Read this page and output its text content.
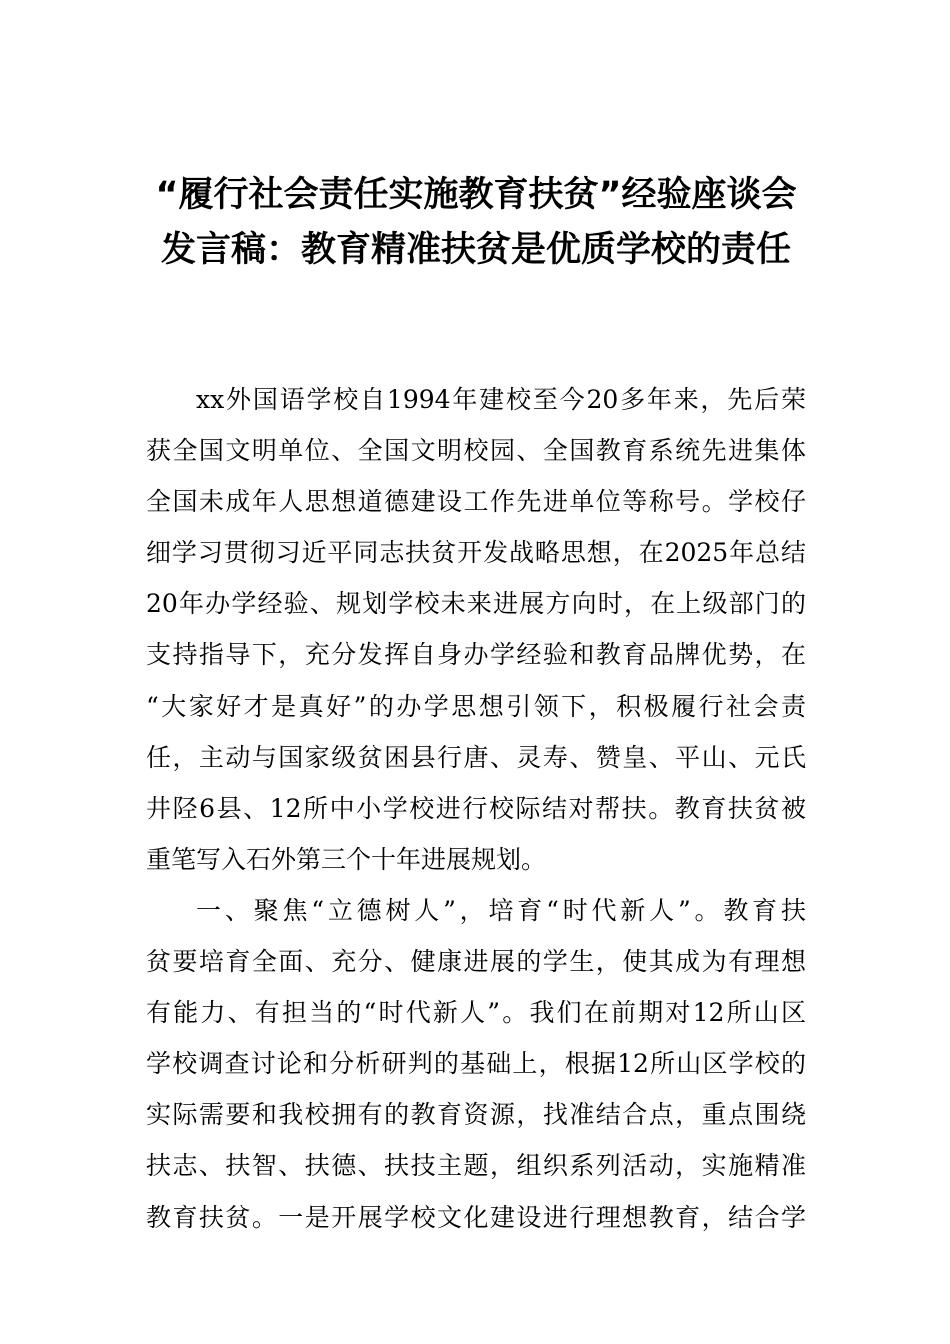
“履行社会责任实施教育扶贫”经验座谈会发言稿：教育精准扶贫是优质学校的责任
xx外国语学校自1994年建校至今20多年来，先后荣
获全国文明单位、全国文明校园、全国教育系统先进集体
全国未成年人思想道德建设工作先进单位等称号。学校仔
细学习贯彻习近平同志扶贫开发战略思想，在2025年总结
20年办学经验、规划学校未来进展方向时，在上级部门的
支持指导下，充分发挥自身办学经验和教育品牌优势，在
“大家好才是真好”的办学思想引领下，积极履行社会责
任，主动与国家级贫困县行唐、灵寿、赞皇、平山、元氏
井陉6县、12所中小学校进行校际结对帮扶。教育扶贫被
重笔写入石外第三个十年进展规划。
一、聚焦“立德树人”，培育“时代新人”。教育扶
贫要培育全面、充分、健康进展的学生，使其成为有理想
有能力、有担当的“时代新人”。我们在前期对12所山区
学校调查讨论和分析研判的基础上，根据12所山区学校的
实际需要和我校拥有的教育资源，找准结合点，重点围绕
扶志、扶智、扶德、扶技主题，组织系列活动，实施精准
教育扶贫。一是开展学校文化建设进行理想教育，结合学
